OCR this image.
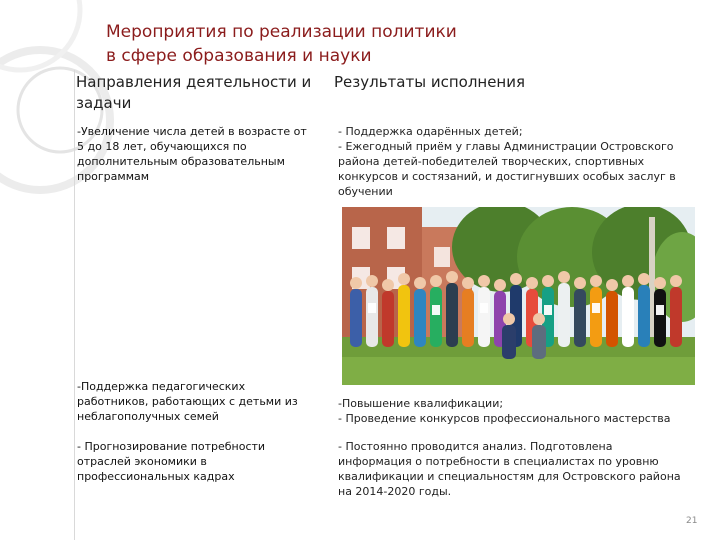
Мероприятия по реализации политики
в сфере образования и науки
Направления деятельности и
задачи
Результаты исполнения
-Увеличение числа детей в возрасте от
5 до 18 лет, обучающихся по
дополнительным образовательным
программам
- Поддержка одарённых детей;
- Ежегодный приём у главы Администрации Островского
района детей-победителей творческих, спортивных
конкурсов и состязаний, и достигнувших особых заслуг в
обучении
-Поддержка педагогических
работников, работающих с детьми из
неблагополучных семей
-Повышение квалификации;
- Проведение конкурсов профессионального мастерства
- Прогнозирование потребности
отраслей экономики в
профессиональных кадрах
- Постоянно проводится анализ. Подготовлена
информация о потребности в специалистах по уровню
квалификации и специальностям для Островского района
на 2014-2020 годы.
21
